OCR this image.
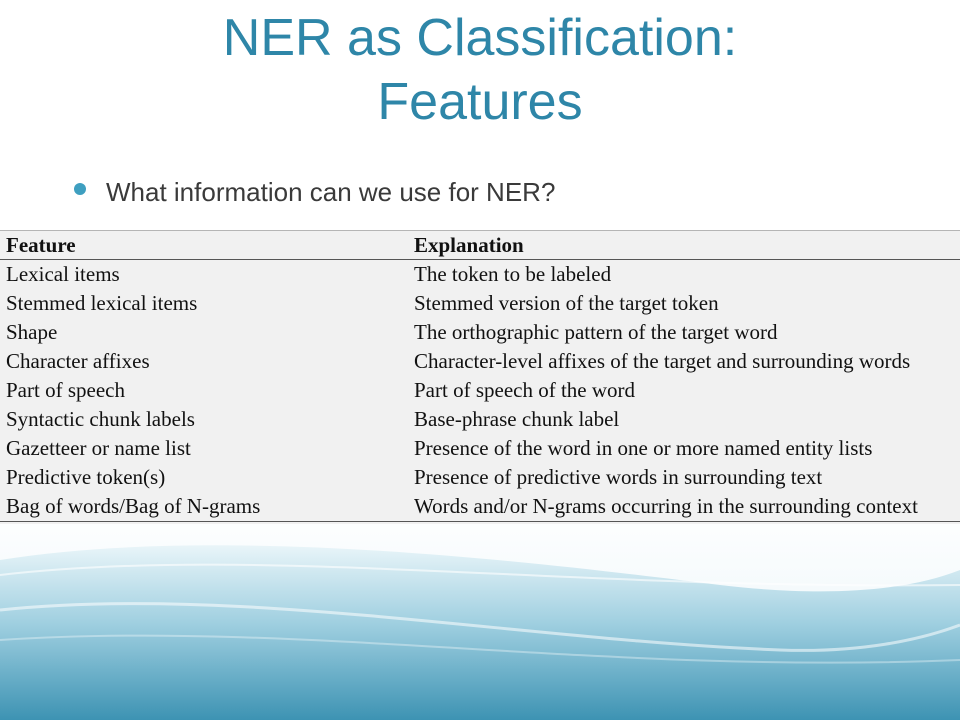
NER as Classification:
Features
What information can we use for NER?
Feature	Explanation
Lexical items	The token to be labeled
Stemmed lexical items	Stemmed version of the target token
Shape	The orthographic pattern of the target word
Character affixes	Character-level affixes of the target and surrounding words
Part of speech	Part of speech of the word
Syntactic chunk labels	Base-phrase chunk label
Gazetteer or name list	Presence of the word in one or more named entity lists
Predictive token(s)	Presence of predictive words in surrounding text
Bag of words/Bag of N-grams	Words and/or N-grams occurring in the surrounding context
